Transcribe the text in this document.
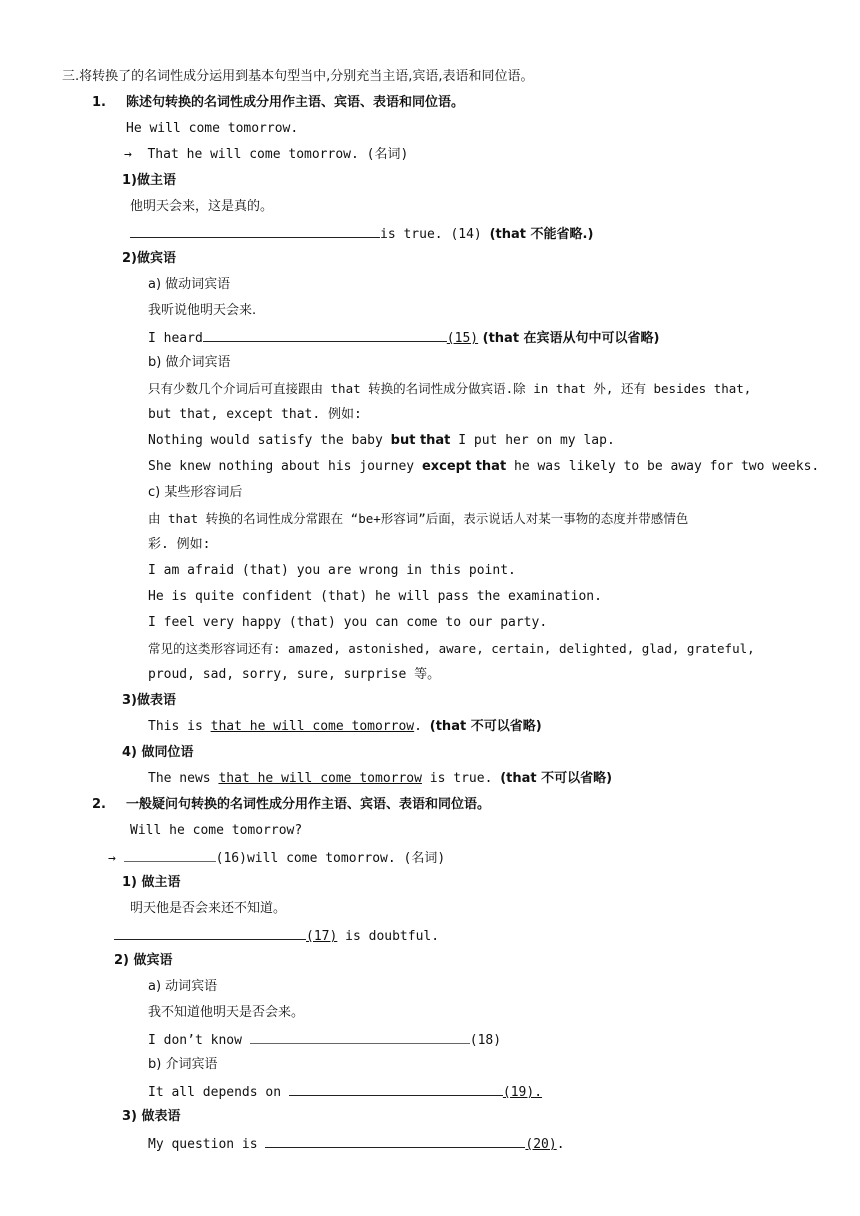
三.将转换了的名词性成分运用到基本句型当中,分别充当主语,宾语,表语和同位语。
1. 陈述句转换的名词性成分用作主语、宾语、表语和同位语。
He will come tomorrow.
→ That he will come tomorrow. (名词)
1)做主语
他明天会来，这是真的。
is true. (14) (that 不能省略.)
2)做宾语
a) 做动词宾语
我听说他明天会来.
I heard	(15) (that 在宾语从句中可以省略)
b) 做介词宾语
只有少数几个介词后可直接跟由 that 转换的名词性成分做宾语.除 in that 外, 还有 besides that,
but that, except that. 例如:
Nothing would satisfy the baby but that I put her on my lap.
She knew nothing about his journey except that he was likely to be away for two weeks.
c) 某些形容词后
由 that 转换的名词性成分常跟在 “be+形容词”后面，表示说话人对某一事物的态度并带感情色
彩. 例如:
I am afraid (that) you are wrong in this point.
He is quite confident (that) he will pass the examination.
I feel very happy (that) you can come to our party.
常见的这类形容词还有: amazed, astonished, aware, certain, delighted, glad, grateful,
proud, sad, sorry, sure, surprise 等。
3)做表语
This is that he will come tomorrow. (that 不可以省略)
4) 做同位语
The news that he will come tomorrow is true. (that 不可以省略)
2. 一般疑问句转换的名词性成分用作主语、宾语、表语和同位语。
Will he come tomorrow?
→	(16)will come tomorrow. (名词)
1) 做主语
明天他是否会来还不知道。
(17) is doubtful.
2) 做宾语
a) 动词宾语
我不知道他明天是否会来。
I don’t know	(18)
b) 介词宾语
It all depends on	(19).
3) 做表语
My question is	(20).
